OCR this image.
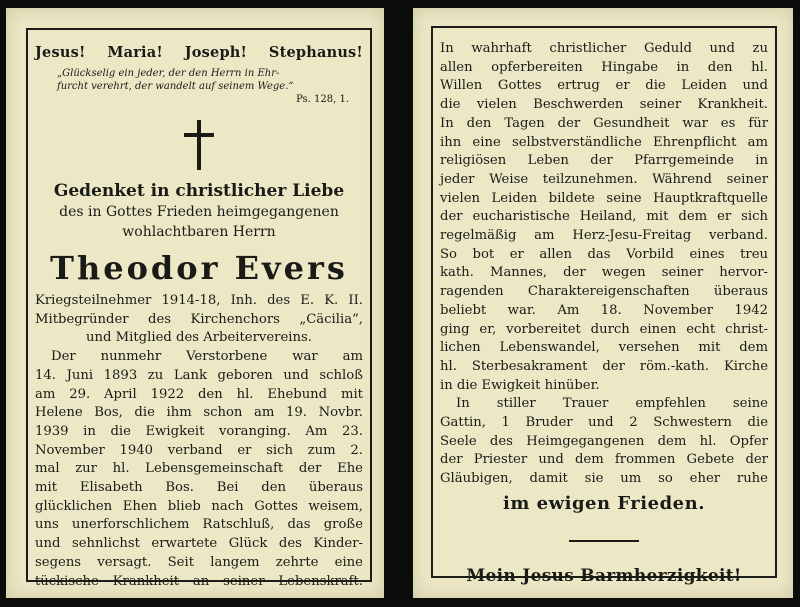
Jesus! Maria! Joseph! Stephanus!
„Glückselig ein jeder, der den Herrn in Ehr-
furcht verehrt, der wandelt auf seinem Wege.“
Ps. 128, 1.
Gedenket in christlicher Liebe
des in Gottes Frieden heimgegangenen
wohlachtbaren Herrn
Theodor Evers
Kriegsteilnehmer 1914-18, Inh. des E. K. II.
Mitbegründer des Kirchenchors „Cäcilia“,
und Mitglied des Arbeitervereins.
Der nunmehr Verstorbene war am
14. Juni 1893 zu Lank geboren und schloß
am 29. April 1922 den hl. Ehebund mit
Helene Bos, die ihm schon am 19. Novbr.
1939 in die Ewigkeit voranging. Am 23.
November 1940 verband er sich zum 2.
mal zur hl. Lebensgemeinschaft der Ehe
mit Elisabeth Bos. Bei den überaus
glücklichen Ehen blieb nach Gottes weisem,
uns unerforschlichem Ratschluß, das große
und sehnlichst erwartete Glück des Kinder-
segens versagt. Seit langem zehrte eine
tückische Krankheit an seiner Lebenskraft.
In wahrhaft christlicher Geduld und zu
allen opferbereiten Hingabe in den hl.
Willen Gottes ertrug er die Leiden und
die vielen Beschwerden seiner Krankheit.
In den Tagen der Gesundheit war es für
ihn eine selbstverständliche Ehrenpflicht am
religiösen Leben der Pfarrgemeinde in
jeder Weise teilzunehmen. Während seiner
vielen Leiden bildete seine Hauptkraftquelle
der eucharistische Heiland, mit dem er sich
regelmäßig am Herz-Jesu-Freitag verband.
So bot er allen das Vorbild eines treu
kath. Mannes, der wegen seiner hervor-
ragenden Charaktereigenschaften überaus
beliebt war. Am 18. November 1942
ging er, vorbereitet durch einen echt christ-
lichen Lebenswandel, versehen mit dem
hl. Sterbesakrament der röm.-kath. Kirche
in die Ewigkeit hinüber.
In stiller Trauer empfehlen seine
Gattin, 1 Bruder und 2 Schwestern die
Seele des Heimgegangenen dem hl. Opfer
der Priester und dem frommen Gebete der
Gläubigen, damit sie um so eher ruhe
im ewigen Frieden.
Mein Jesus Barmherzigkeit!
